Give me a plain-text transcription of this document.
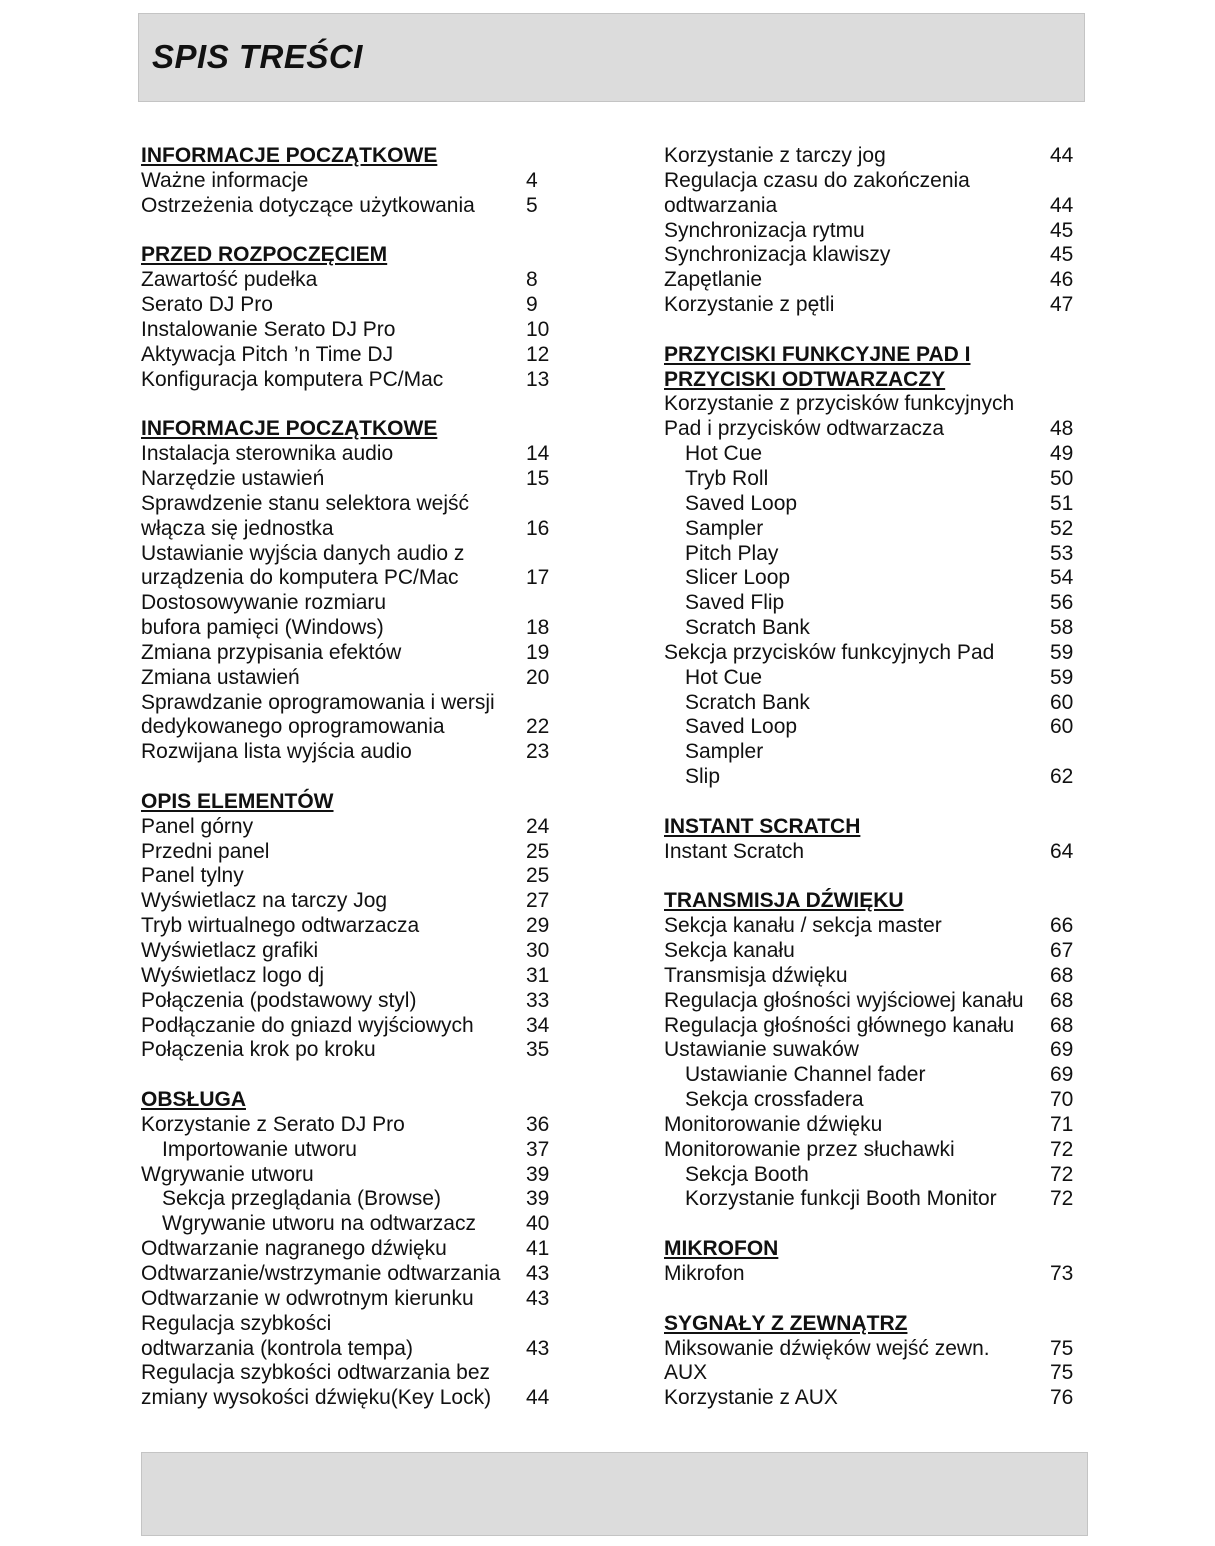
SPIS TREŚCI
INFORMACJE POCZĄTKOWE
Ważne informacje	4
Ostrzeżenia dotyczące użytkowania 5
PRZED ROZPOCZĘCIEM
Zawartość pudełka	8
Serato DJ Pro	9
Instalowanie Serato DJ Pro	10
Aktywacja Pitch ’n Time DJ	12
Konfiguracja komputera PC/Mac	13
INFORMACJE POCZĄTKOWE
Instalacja sterownika audio	14
Narzędzie ustawień	15
Sprawdzenie stanu selektora wejść
włącza się jednostka	16
Ustawianie wyjścia danych audio z
urządzenia do komputera PC/Mac	17
Dostosowywanie rozmiaru
bufora pamięci (Windows)	18
Zmiana przypisania efektów	19
Zmiana ustawień	20
Sprawdzanie oprogramowania i wersji
dedykowanego oprogramowania	22
Rozwijana lista wyjścia audio	23
OPIS ELEMENTÓW
Panel górny	24
Przedni panel	25
Panel tylny	25
Wyświetlacz na tarczy Jog	27
Tryb wirtualnego odtwarzacza	29
Wyświetlacz grafiki	30
Wyświetlacz logo dj	31
Połączenia (podstawowy styl)	33
Podłączanie do gniazd wyjściowych 34
Połączenia krok po kroku	35
OBSŁUGA
Korzystanie z Serato DJ Pro	36
Importowanie utworu	37
Wgrywanie utworu	39
Sekcja przeglądania (Browse)	39
Wgrywanie utworu na odtwarzacz 40
Odtwarzanie nagranego dźwięku	41
Odtwarzanie/wstrzymanie odtwarzania 43
Odtwarzanie w odwrotnym kierunku 43
Regulacja szybkości
odtwarzania (kontrola tempa)	43
Regulacja szybkości odtwarzania bez
zmiany wysokości dźwięku(Key Lock) 44
Korzystanie z tarczy jog	44
Regulacja czasu do zakończenia
odtwarzania	44
Synchronizacja rytmu	45
Synchronizacja klawiszy	45
Zapętlanie	46
Korzystanie z pętli	47
PRZYCISKI FUNKCYJNE PAD I
PRZYCISKI ODTWARZACZY
Korzystanie z przycisków funkcyjnych
Pad i przycisków odtwarzacza	48
Hot Cue	49
Tryb Roll	50
Saved Loop	51
Sampler	52
Pitch Play	53
Slicer Loop	54
Saved Flip	56
Scratch Bank	58
Sekcja przycisków funkcyjnych Pad	59
Hot Cue	59
Scratch Bank	60
Saved Loop	60
Sampler
Slip	62
INSTANT SCRATCH
Instant Scratch	64
TRANSMISJA DŹWIĘKU
Sekcja kanału / sekcja master	66
Sekcja kanału	67
Transmisja dźwięku	68
Regulacja głośności wyjściowej kanału 68
Regulacja głośności głównego kanału 68
Ustawianie suwaków	69
Ustawianie Channel fader	69
Sekcja crossfadera	70
Monitorowanie dźwięku	71
Monitorowanie przez słuchawki	72
Sekcja Booth	72
Korzystanie funkcji Booth Monitor	72
MIKROFON
Mikrofon	73
SYGNAŁY Z ZEWNĄTRZ
Miksowanie dźwięków wejść zewn.	75
AUX	75
Korzystanie z AUX	76
